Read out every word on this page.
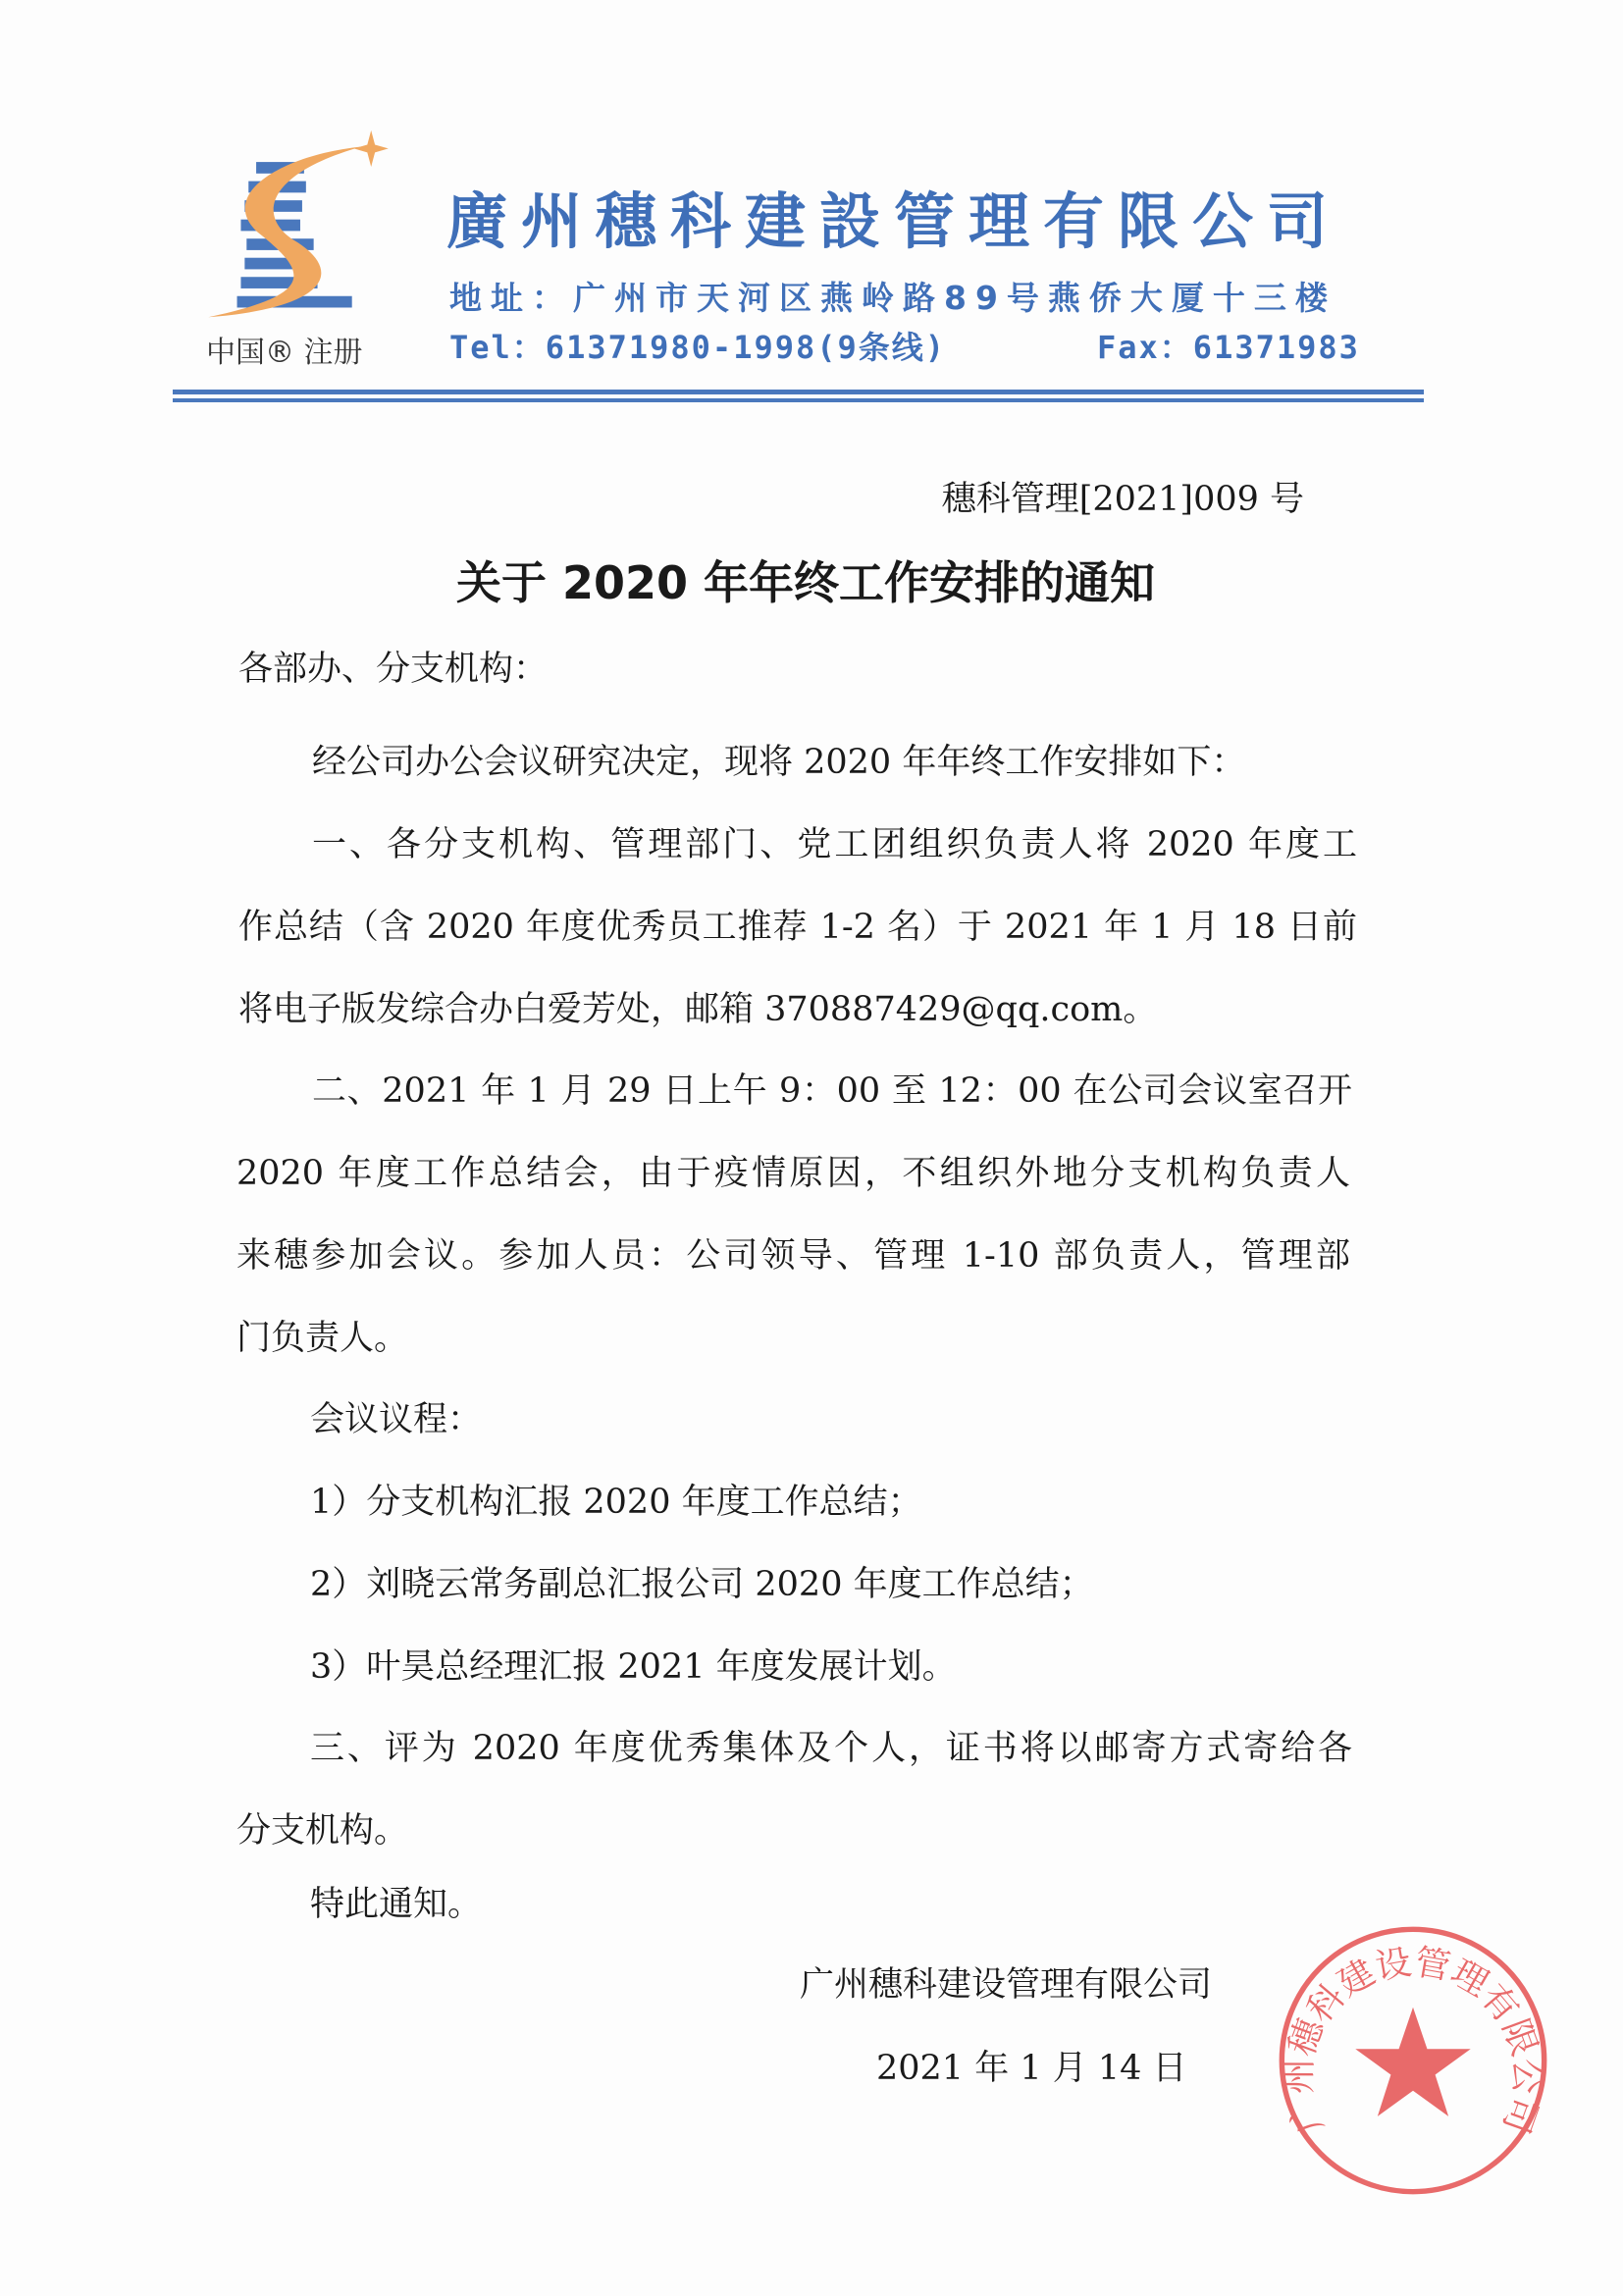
中国® 注册
廣州穗科建設管理有限公司
地址：广州市天河区燕岭路89号燕侨大厦十三楼
Tel：61371980-1998(9条线)	Fax：61371983
穗科管理[2021]009 号
关于 2020 年年终工作安排的通知
各部办、分支机构：
经公司办公会议研究决定，现将 2020 年年终工作安排如下：
一、各分支机构、管理部门、党工团组织负责人将 2020 年度工
作总结（含 2020 年度优秀员工推荐 1-2 名）于 2021 年 1 月 18 日前
将电子版发综合办白爱芳处，邮箱 370887429@qq.com。
二、2021 年 1 月 29 日上午 9：00 至 12：00 在公司会议室召开
2020 年度工作总结会，由于疫情原因，不组织外地分支机构负责人
来穗参加会议。参加人员：公司领导、管理 1-10 部负责人，管理部
门负责人。
会议议程：
1）分支机构汇报 2020 年度工作总结；
2）刘晓云常务副总汇报公司 2020 年度工作总结；
3）叶昊总经理汇报 2021 年度发展计划。
三、评为 2020 年度优秀集体及个人，证书将以邮寄方式寄给各
分支机构。
特此通知。
广州穗科建设管理有限公司
2021 年 1 月 14 日
广州穗科建设管理有限公司
